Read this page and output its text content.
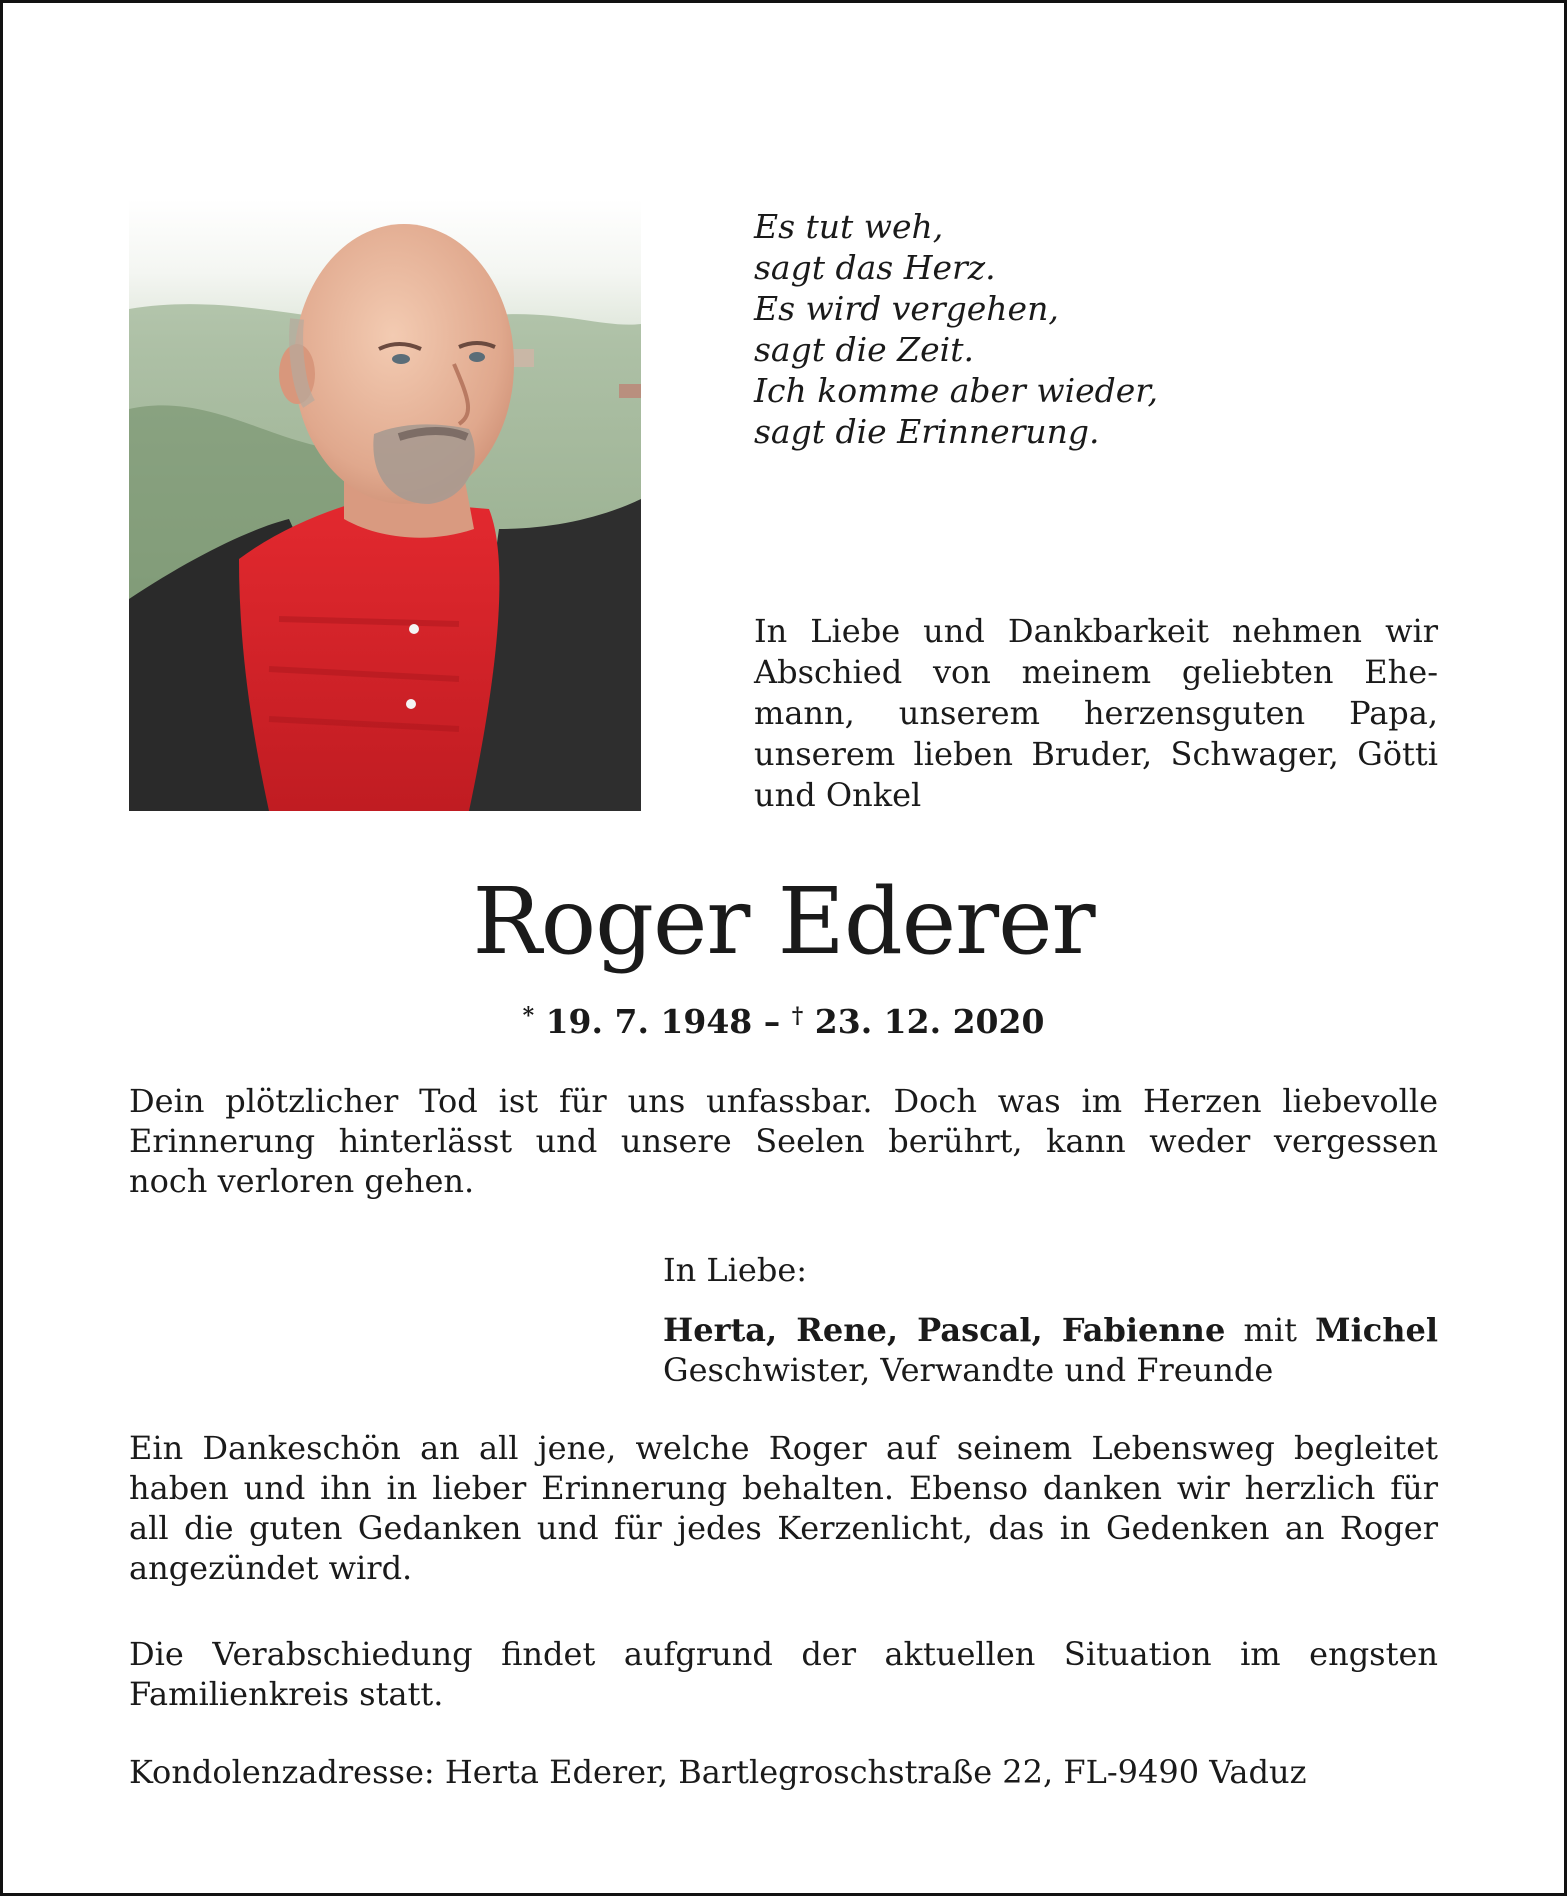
Es tut weh,
sagt das Herz.
Es wird vergehen,
sagt die Zeit.
Ich komme aber wieder,
sagt die Erinnerung.
In Liebe und Dankbarkeit nehmen wir
Abschied von meinem geliebten Ehe-
mann, unserem herzensguten Papa,
unserem lieben Bruder, Schwager, Götti
und Onkel
Roger Ederer
* 19. 7. 1948 – † 23. 12. 2020
Dein plötzlicher Tod ist für uns unfassbar. Doch was im Herzen liebevolle
Erinnerung hinterlässt und unsere Seelen berührt, kann weder vergessen
noch verloren gehen.
In Liebe:
Herta, Rene, Pascal, Fabienne mit Michel
Geschwister, Verwandte und Freunde
Ein Dankeschön an all jene, welche Roger auf seinem Lebensweg begleitet
haben und ihn in lieber Erinnerung behalten. Ebenso danken wir herzlich für
all die guten Gedanken und für jedes Kerzenlicht, das in Gedenken an Roger
angezündet wird.
Die Verabschiedung findet aufgrund der aktuellen Situation im engsten
Familienkreis statt.
Kondolenzadresse: Herta Ederer, Bartlegroschstraße 22, FL-9490 Vaduz
